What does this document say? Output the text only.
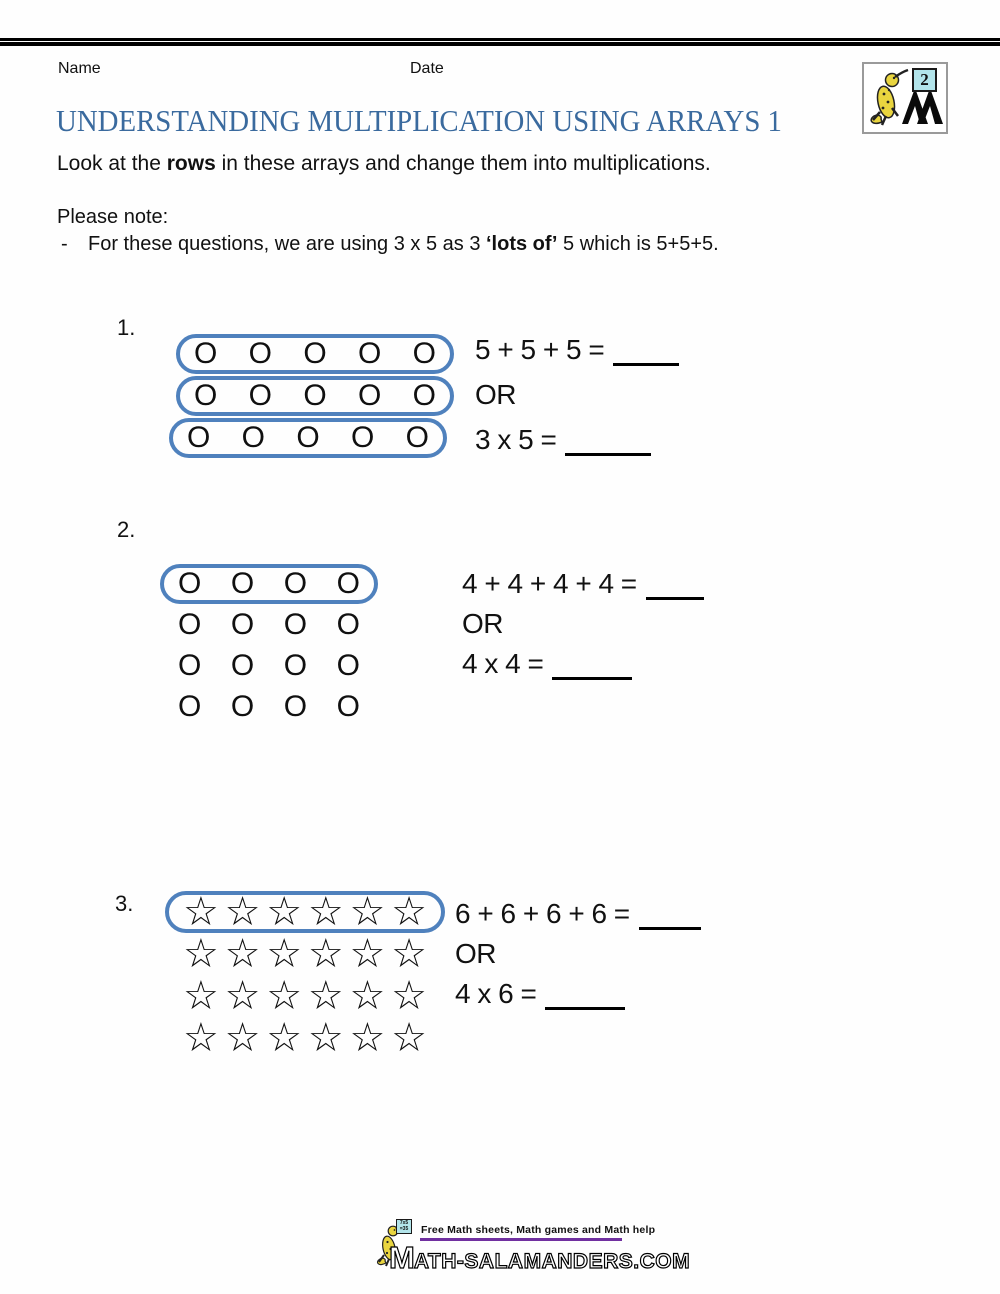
Name	Date
2
UNDERSTANDING MULTIPLICATION USING ARRAYS 1
Look at the rows in these arrays and change them into multiplications.
Please note:
- For these questions, we are using 3 x 5 as 3 ‘lots of’ 5 which is 5+5+5.
1.
O O O O O
O O O O O
O O O O O
5 + 5 + 5 =
OR
3 x 5 =
2.
O O O O
O O O O
O O O O
O O O O
4 + 4 + 4 + 4 =
OR
4 x 4 =
3. ☆ ☆ ☆ ☆ ☆ ☆
☆ ☆ ☆ ☆ ☆ ☆
☆ ☆ ☆ ☆ ☆ ☆
☆ ☆ ☆ ☆ ☆ ☆
6 + 6 + 6 + 6 =
OR
4 x 6 =
7x5
=35 Free Math sheets, Math games and Math help
MATH-SALAMANDERS.COM
